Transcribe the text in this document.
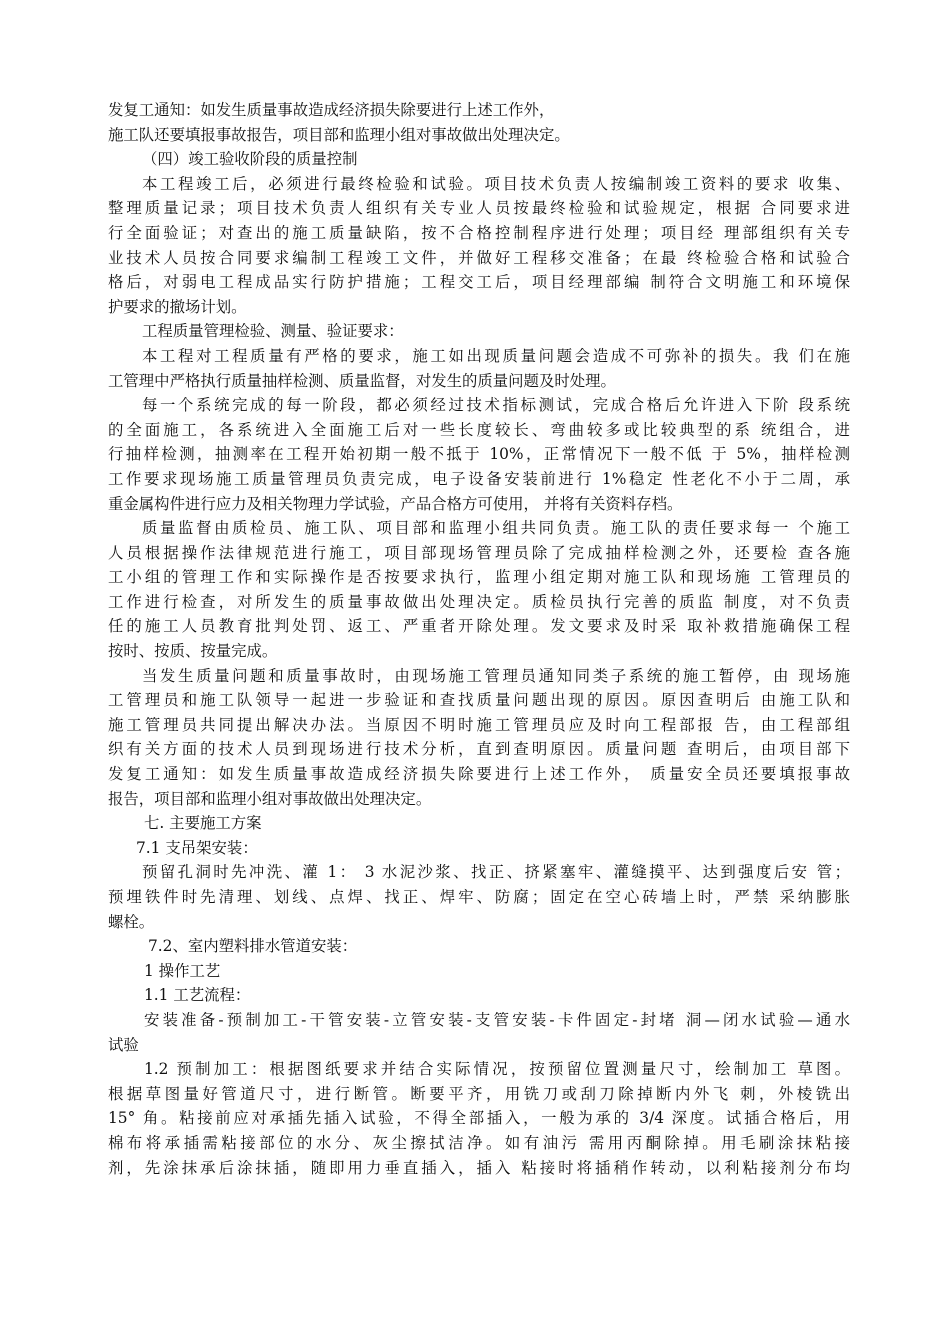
发复工通知：如发生质量事故造成经济损失除要进行上述工作外，
施工队还要填报事故报告，项目部和监理小组对事故做出处理决定。
（四）竣工验收阶段的质量控制
本工程竣工后，必须进行最终检验和试验。项目技术负责人按编制竣工资料的要求 收集、
整理质量记录；项目技术负责人组织有关专业人员按最终检验和试验规定，根据 合同要求进
行全面验证；对查出的施工质量缺陷，按不合格控制程序进行处理；项目经 理部组织有关专
业技术人员按合同要求编制工程竣工文件，并做好工程移交准备；在最 终检验合格和试验合
格后，对弱电工程成品实行防护措施；工程交工后，项目经理部编 制符合文明施工和环境保
护要求的撤场计划。
工程质量管理检验、测量、验证要求：
本工程对工程质量有严格的要求，施工如出现质量问题会造成不可弥补的损失。我 们在施
工管理中严格执行质量抽样检测、质量监督，对发生的质量问题及时处理。
每一个系统完成的每一阶段，都必须经过技术指标测试，完成合格后允许进入下阶 段系统
的全面施工，各系统进入全面施工后对一些长度较长、弯曲较多或比较典型的系 统组合，进
行抽样检测，抽测率在工程开始初期一般不抵于 10%，正常情况下一般不低 于 5%，抽样检测
工作要求现场施工质量管理员负责完成，电子设备安装前进行 1%稳定 性老化不小于二周，承
重金属构件进行应力及相关物理力学试验，产品合格方可使用， 并将有关资料存档。
质量监督由质检员、施工队、项目部和监理小组共同负责。施工队的责任要求每一 个施工
人员根据操作法律规范进行施工，项目部现场管理员除了完成抽样检测之外，还要检 查各施
工小组的管理工作和实际操作是否按要求执行，监理小组定期对施工队和现场施 工管理员的
工作进行检查，对所发生的质量事故做出处理决定。质检员执行完善的质监 制度，对不负责
任的施工人员教育批判处罚、返工、严重者开除处理。发文要求及时采 取补救措施确保工程
按时、按质、按量完成。
当发生质量问题和质量事故时，由现场施工管理员通知同类子系统的施工暂停，由 现场施
工管理员和施工队领导一起进一步验证和查找质量问题出现的原因。原因查明后 由施工队和
施工管理员共同提出解决办法。当原因不明时施工管理员应及时向工程部报 告，由工程部组
织有关方面的技术人员到现场进行技术分析，直到查明原因。质量问题 查明后，由项目部下
发复工通知：如发生质量事故造成经济损失除要进行上述工作外， 质量安全员还要填报事故
报告，项目部和监理小组对事故做出处理决定。
七. 主要施工方案
7.1 支吊架安装：
预留孔洞时先冲洗、灌 1： 3 水泥沙浆、找正、挤紧塞牢、灌缝摸平、达到强度后安 管；
预埋铁件时先清理、划线、点焊、找正、焊牢、防腐；固定在空心砖墙上时，严禁 采纳膨胀
螺栓。
7.2、室内塑料排水管道安装：
1 操作工艺
1.1 工艺流程：
安装准备-预制加工-干管安装-立管安装-支管安装-卡件固定-封堵 洞—闭水试验—通水
试验
1.2 预制加工：根据图纸要求并结合实际情况，按预留位置测量尺寸，绘制加工 草图。
根据草图量好管道尺寸，进行断管。断要平齐，用铣刀或刮刀除掉断内外飞 刺，外棱铣出
15° 角。粘接前应对承插先插入试验，不得全部插入，一般为承的 3/4 深度。试插合格后，用
棉布将承插需粘接部位的水分、灰尘擦拭洁净。如有油污 需用丙酮除掉。用毛刷涂抹粘接
剂，先涂抹承后涂抹插，随即用力垂直插入，插入 粘接时将插稍作转动，以利粘接剂分布均
